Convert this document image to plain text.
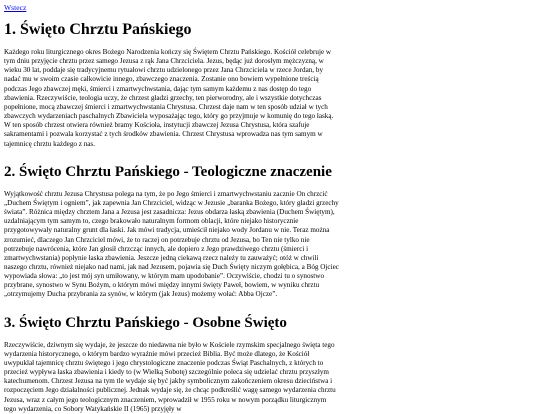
Wstecz
1. Święto Chrztu Pańskiego

Każdego roku liturgicznego okres Bożego Narodzenia kończy się Świętem Chrztu Pańskiego. Kościół celebruje w tym dniu przyjęcie chrztu przez samego Jezusa z rąk Jana Chrzciciela. Jezus, będąc już dorosłym mężczyzną, w wieku 30 lat, poddaje się tradycyjnemu rytuałowi chrztu udzielonego przez Jana Chrzciciela w rzece Jordan, by nadać mu w swoim czasie całkowicie innego, zbawczego znaczenia. Zostanie ono bowiem wypełnione treścią podczas Jego zbawczej męki, śmierci i zmartwychwstania, dając tym samym każdemu z nas dostęp do tego zbawienia. Rzeczywiście, teologia uczy, że chrzest gładzi grzechy, ten pierworodny, ale i wszystkie dotychczas popełnione, mocą zbawczej śmierci i zmartwychwstania Chrystusa. Chrzest daje nam w ten sposób udział w tych zbawczych wydarzeniach paschalnych Zbawiciela wyposażając tego, który go przyjmuje w komunię do tego łaską. W ten sposób chrzest otwiera również bramy Kościoła, instytucji zbawczej Jezusa Chrystusa, która szafuje sakramentami i pozwala korzystać z tych środków zbawienia. Chrzest Chrystusa wprowadza nas tym samym w tajemnicę chrztu każdego z nas.

2. Święto Chrztu Pańskiego - Teologiczne znaczenie

Wyjątkowość chrztu Jezusa Chrystusa polega na tym, że po Jego śmierci i zmartwychwstaniu zacznie On chrzcić „Duchem Świętym i ogniem”, jak zapewnia Jan Chrzciciel, widząc w Jezusie „baranka Bożego, który gładzi grzechy świata”. Różnica między chrztem Jana a Jezusa jest zasadnicza: Jezus obdarza łaską zbawienia (Duchem Świętym), uzdalniającym tym samym to, czego brakowało naturalnym formom oblacji, które niejako historycznie przygotowywały naturalny grunt dla łaski. Jak mówi tradycja, umieścił niejako wody Jordanu w nie. Teraz można zrozumieć, dlaczego Jan Chrzciciel mówi, że to raczej on potrzebuje chrztu od Jezusa, bo Ten nie tylko nie potrzebuje nawrócenia, które Jan głosił chrzcząc innych, ale dopiero z Jego prawdziwego chrztu (śmierci i zmartwychwstania) popłynie łaska zbawienia. Jeszcze jedną ciekawą rzecz należy tu zauważyć; otóż w chwili naszego chrztu, również niejako nad nami, jak nad Jezusem, pojawia się Duch Święty niczym gołębica, a Bóg Ojciec wypowiada słowa: „to jest mój syn umiłowany, w którym mam upodobanie”. Oczywiście, chodzi tu o synostwo przybrane, synostwo w Synu Bożym, o którym mówi między innymi święty Paweł, bowiem, w wyniku chrztu „otrzymujemy Ducha przybrania za synów, w którym (jak Jezus) możemy wołać: Abba Ojcze”.

3. Święto Chrztu Pańskiego - Osobne Święto

Rzeczywiście, dziwnym się wydaje, że jeszcze do niedawna nie było w Kościele rzymskim specjalnego święta tego wydarzenia historycznego, o którym bardzo wyraźnie mówi przecież Biblia. Być może dlatego, że Kościół uwypuklał tajemnicę chrztu świętego i jego chrystologiczne znaczenie podczas Świąt Paschalnych, z których to przecież wypływa łaska zbawienia i kiedy to (w Wielką Sobotę) szczególnie poleca się udzielać chrztu przyszłym katechumenom. Chrzest Jezusa na tym tle wydaje się być jakby symbolicznym zakończeniem okresu dzieciństwa i rozpoczęciem Jego działalności publicznej. Jednak wydaje się, że chcąc podkreślić wagę samego wydarzenia chrztu Jezusa, wraz z całym jego teologicznym znaczeniem, wprowadził w 1955 roku w nowym porządku liturgicznym tego wydarzenia, co Sobory Watykańskie II (1965) przyjęły w
